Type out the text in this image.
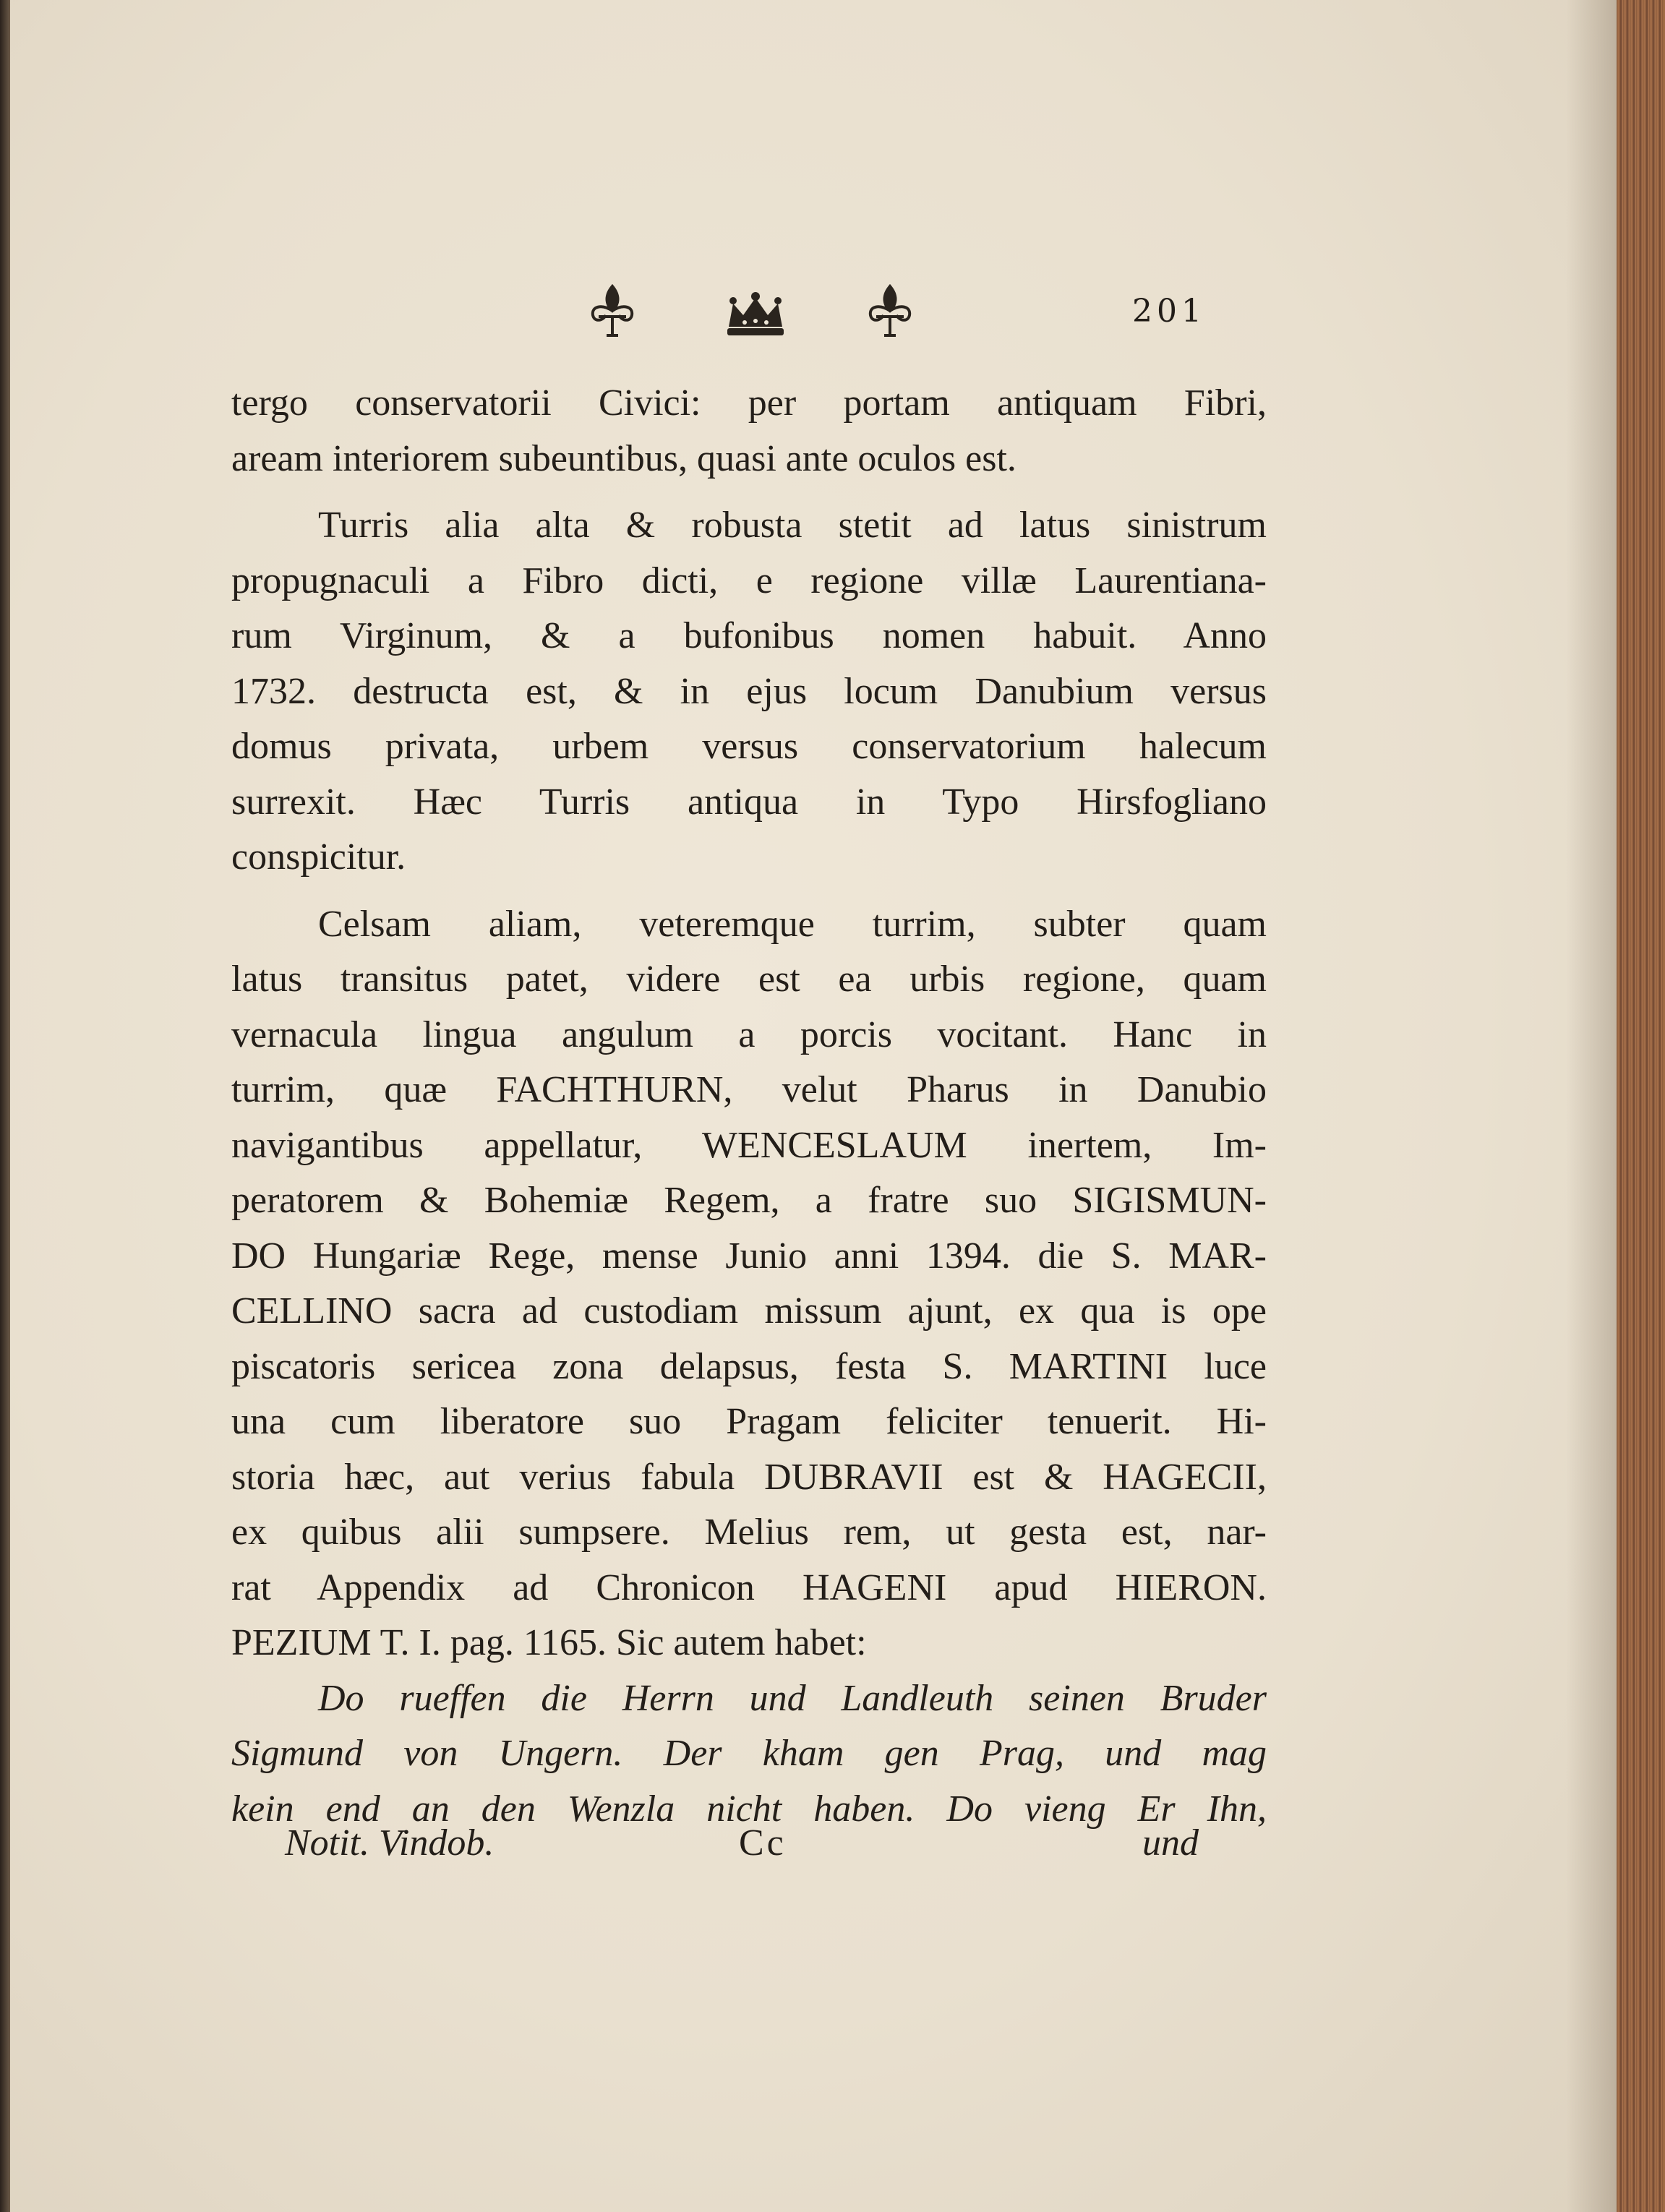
201
tergo conservatorii Civici: per portam antiquam Fibri,
aream interiorem subeuntibus, quasi ante oculos est.
Turris alia alta & robusta stetit ad latus sinistrum
propugnaculi a Fibro dicti, e regione villæ Laurentiana-
rum Virginum, & a bufonibus nomen habuit. Anno
1732. destructa est, & in ejus locum Danubium versus
domus privata, urbem versus conservatorium halecum
surrexit. Hæc Turris antiqua in Typo Hirsfogliano
conspicitur.
Celsam aliam, veteremque turrim, subter quam
latus transitus patet, videre est ea urbis regione, quam
vernacula lingua angulum a porcis vocitant. Hanc in
turrim, quæ FACHTHURN, velut Pharus in Danubio
navigantibus appellatur, WENCESLAUM inertem, Im-
peratorem & Bohemiæ Regem, a fratre suo SIGISMUN-
DO Hungariæ Rege, mense Junio anni 1394. die S. MAR-
CELLINO sacra ad custodiam missum ajunt, ex qua is ope
piscatoris sericea zona delapsus, festa S. MARTINI luce
una cum liberatore suo Pragam feliciter tenuerit. Hi-
storia hæc, aut verius fabula DUBRAVII est & HAGECII,
ex quibus alii sumpsere. Melius rem, ut gesta est, nar-
rat Appendix ad Chronicon HAGENI apud HIERON.
PEZIUM T. I. pag. 1165. Sic autem habet:
Do rueffen die Herrn und Landleuth seinen Bruder
Sigmund von Ungern. Der kham gen Prag, und mag
kein end an den Wenzla nicht haben. Do vieng Er Ihn,
Notit. Vindob.	Cc	und
